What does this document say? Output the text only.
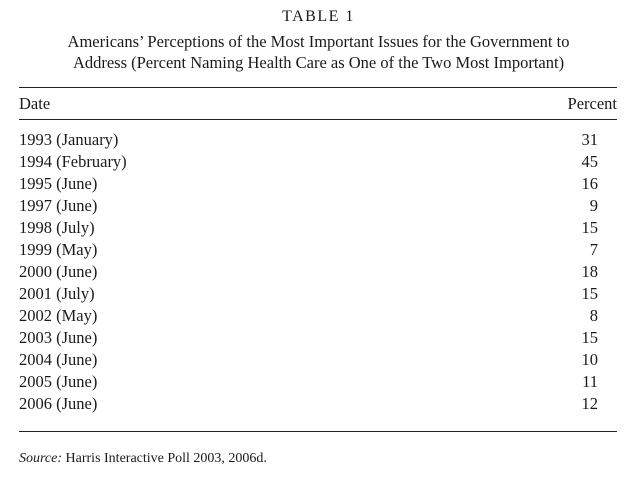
TABLE 1
Americans’ Perceptions of the Most Important Issues for the Government to
Address (Percent Naming Health Care as One of the Two Most Important)
Date	Percent
1993 (January)	31
1994 (February)	45
1995 (June)	16
1997 (June)	9
1998 (July)	15
1999 (May)	7
2000 (June)	18
2001 (July)	15
2002 (May)	8
2003 (June)	15
2004 (June)	10
2005 (June)	11
2006 (June)	12
Source: Harris Interactive Poll 2003, 2006d.
